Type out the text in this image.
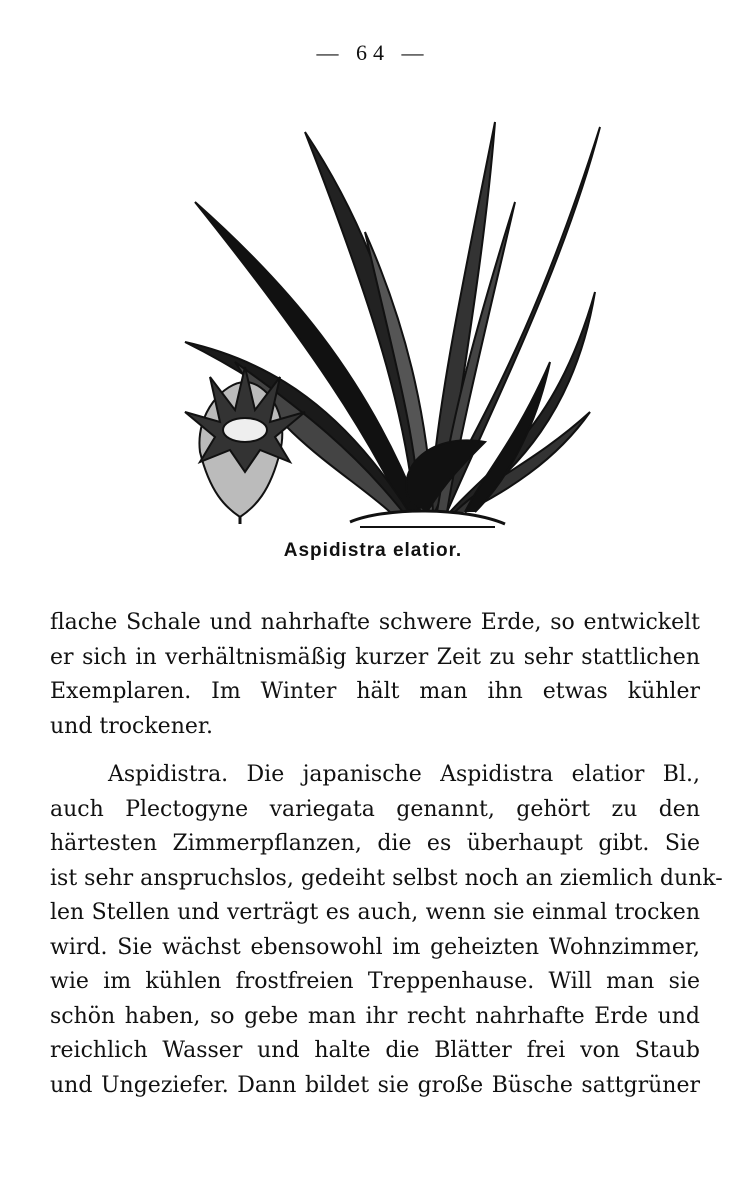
— 64 —
Aspidistra elatior.

flache Schale und nahrhafte schwere Erde, so entwickelt
er sich in verhältnismäßig kurzer Zeit zu sehr stattlichen
Exemplaren. Im Winter hält man ihn etwas kühler
und trockener.

Aspidistra. Die japanische Aspidistra elatior Bl.,
auch Plectogyne variegata genannt, gehört zu den
härtesten Zimmerpflanzen, die es überhaupt gibt. Sie
ist sehr anspruchslos, gedeiht selbst noch an ziemlich dunk-
len Stellen und verträgt es auch, wenn sie einmal trocken
wird. Sie wächst ebensowohl im geheizten Wohnzimmer,
wie im kühlen frostfreien Treppenhause. Will man sie
schön haben, so gebe man ihr recht nahrhafte Erde und
reichlich Wasser und halte die Blätter frei von Staub
und Ungeziefer. Dann bildet sie große Büsche sattgrüner
